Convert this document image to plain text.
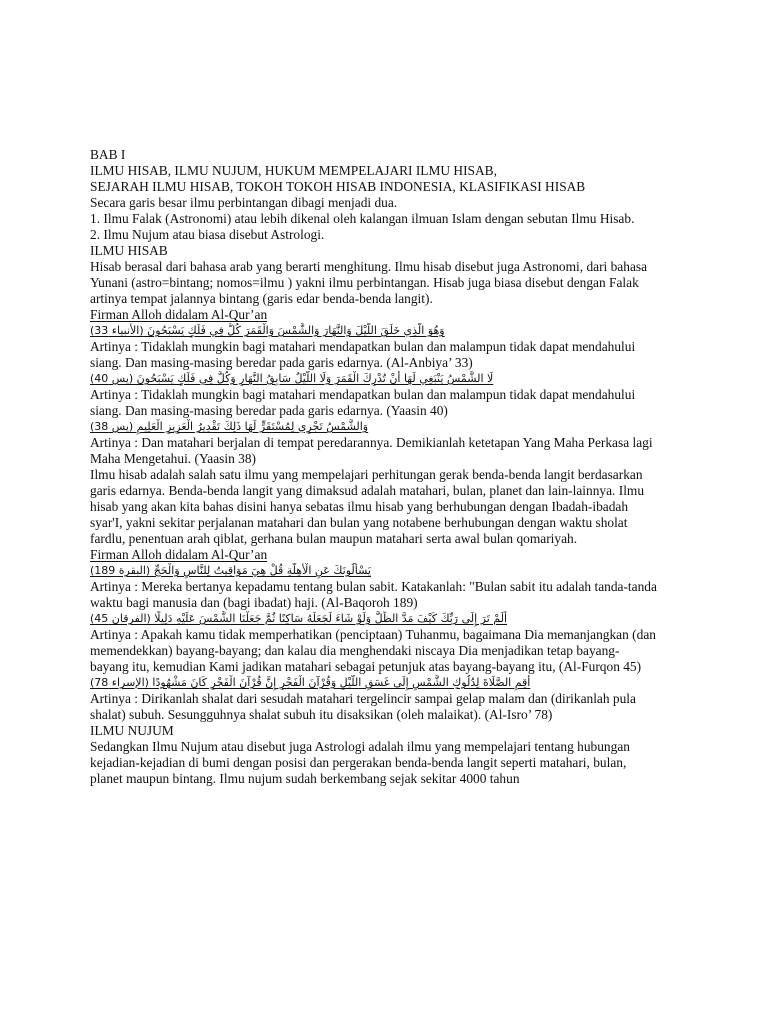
BAB I

ILMU HISAB, ILMU NUJUM, HUKUM MEMPELAJARI ILMU HISAB,

SEJARAH ILMU HISAB, TOKOH TOKOH HISAB INDONESIA, KLASIFIKASI HISAB

Secara garis besar ilmu perbintangan dibagi menjadi dua.

1. Ilmu Falak (Astronomi) atau lebih dikenal oleh kalangan ilmuan Islam dengan sebutan Ilmu Hisab.

2. Ilmu Nujum atau biasa disebut Astrologi.

ILMU HISAB

Hisab berasal dari bahasa arab yang berarti menghitung. Ilmu hisab disebut juga Astronomi, dari bahasa Yunani (astro=bintang; nomos=ilmu ) yakni ilmu perbintangan. Hisab juga biasa disebut dengan Falak artinya tempat jalannya bintang (garis edar benda-benda langit).

Firman Alloh didalam Al-Qur’an

وَهُوَ الَّذِي خَلَقَ اللَّيْلَ وَالنَّهَارَ وَالشَّمْسَ وَالْقَمَرَ كُلٌّ فِي فَلَكٍ يَسْبَحُونَ (الأنبياء 33)

Artinya : Tidaklah mungkin bagi matahari mendapatkan bulan dan malampun tidak dapat mendahului siang. Dan masing-masing beredar pada garis edarnya. (Al-Anbiya’ 33)

لَا الشَّمْسُ يَنْبَغِي لَهَا أَنْ تُدْرِكَ الْقَمَرَ وَلَا اللَّيْلُ سَابِقُ النَّهَارِ وَكُلٌّ فِي فَلَكٍ يَسْبَحُونَ (يس 40)

Artinya : Tidaklah mungkin bagi matahari mendapatkan bulan dan malampun tidak dapat mendahului siang. Dan masing-masing beredar pada garis edarnya. (Yaasin 40)

وَالشَّمْسُ تَجْرِي لِمُسْتَقَرٍّ لَهَا ذَلِكَ تَقْدِيرُ الْعَزِيزِ الْعَلِيمِ (يس 38)

Artinya : Dan matahari berjalan di tempat peredarannya. Demikianlah ketetapan Yang Maha Perkasa lagi Maha Mengetahui. (Yaasin 38)

Ilmu hisab adalah salah satu ilmu yang mempelajari perhitungan gerak benda-benda langit berdasarkan garis edarnya. Benda-benda langit yang dimaksud adalah matahari, bulan, planet dan lain-lainnya. Ilmu hisab yang akan kita bahas disini hanya sebatas ilmu hisab yang berhubungan dengan Ibadah-ibadah syar'I, yakni sekitar perjalanan matahari dan bulan yang notabene berhubungan dengan waktu sholat fardlu, penentuan arah qiblat, gerhana bulan maupun matahari serta awal bulan qomariyah.

Firman Alloh didalam Al-Qur’an

يَسْأَلُونَكَ عَنِ الْأَهِلَّةِ قُلْ هِيَ مَوَاقِيتُ لِلنَّاسِ وَالْحَجِّ (البقرة 189)

Artinya : Mereka bertanya kepadamu tentang bulan sabit. Katakanlah: "Bulan sabit itu adalah tanda-tanda waktu bagi manusia dan (bagi ibadat) haji. (Al-Baqoroh 189)

أَلَمْ تَرَ إِلَى رَبِّكَ كَيْفَ مَدَّ الظِّلَّ وَلَوْ شَاءَ لَجَعَلَهُ سَاكِنًا ثُمَّ جَعَلْنَا الشَّمْسَ عَلَيْهِ دَلِيلًا (الفرقان 45)

Artinya : Apakah kamu tidak memperhatikan (penciptaan) Tuhanmu, bagaimana Dia memanjangkan (dan memendekkan) bayang-bayang; dan kalau dia menghendaki niscaya Dia menjadikan tetap bayang-bayang itu, kemudian Kami jadikan matahari sebagai petunjuk atas bayang-bayang itu, (Al-Furqon 45)

أَقِمِ الصَّلَاةَ لِدُلُوكِ الشَّمْسِ إِلَى غَسَقِ اللَّيْلِ وَقُرْآنَ الْفَجْرِ إِنَّ قُرْآنَ الْفَجْرِ كَانَ مَشْهُودًا (الإسراء 78)

Artinya : Dirikanlah shalat dari sesudah matahari tergelincir sampai gelap malam dan (dirikanlah pula shalat) subuh. Sesungguhnya shalat subuh itu disaksikan (oleh malaikat). (Al-Isro’ 78)

ILMU NUJUM

Sedangkan Ilmu Nujum atau disebut juga Astrologi adalah ilmu yang mempelajari tentang hubungan kejadian-kejadian di bumi dengan posisi dan pergerakan benda-benda langit seperti matahari, bulan, planet maupun bintang. Ilmu nujum sudah berkembang sejak sekitar 4000 tahun
